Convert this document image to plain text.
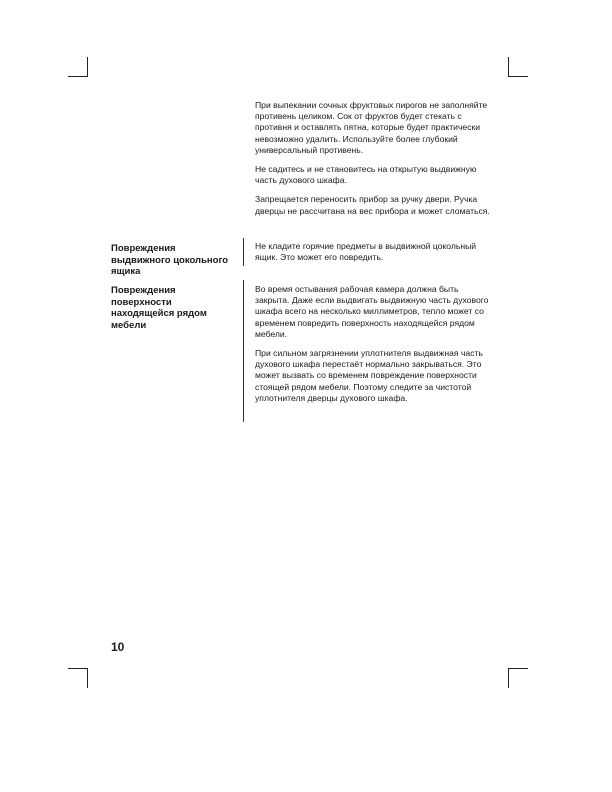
При выпекании сочных фруктовых пирогов не заполняйте противень целиком. Сок от фруктов будет стекать с противня и оставлять пятна, которые будет практически невозможно удалить. Используйте более глубокий универсальный противень.

Не садитесь и не становитесь на открытую выдвижную часть духового шкафа.

Запрещается переносить прибор за ручку двери. Ручка дверцы не рассчитана на вес прибора и может сломаться.

Повреждения выдвижного цокольного ящика

Не кладите горячие предметы в выдвижной цокольный ящик. Это может его повредить.

Повреждения поверхности находящейся рядом мебели

Во время остывания рабочая камера должна быть закрыта. Даже если выдвигать выдвижную часть духового шкафа всего на несколько миллиметров, тепло может со временем повредить поверхность находящейся рядом мебели.

При сильном загрязнении уплотнителя выдвижная часть духового шкафа перестаёт нормально закрываться. Это может вызвать со временем повреждение поверхности стоящей рядом мебели. Поэтому следите за чистотой уплотнителя дверцы духового шкафа.

10
